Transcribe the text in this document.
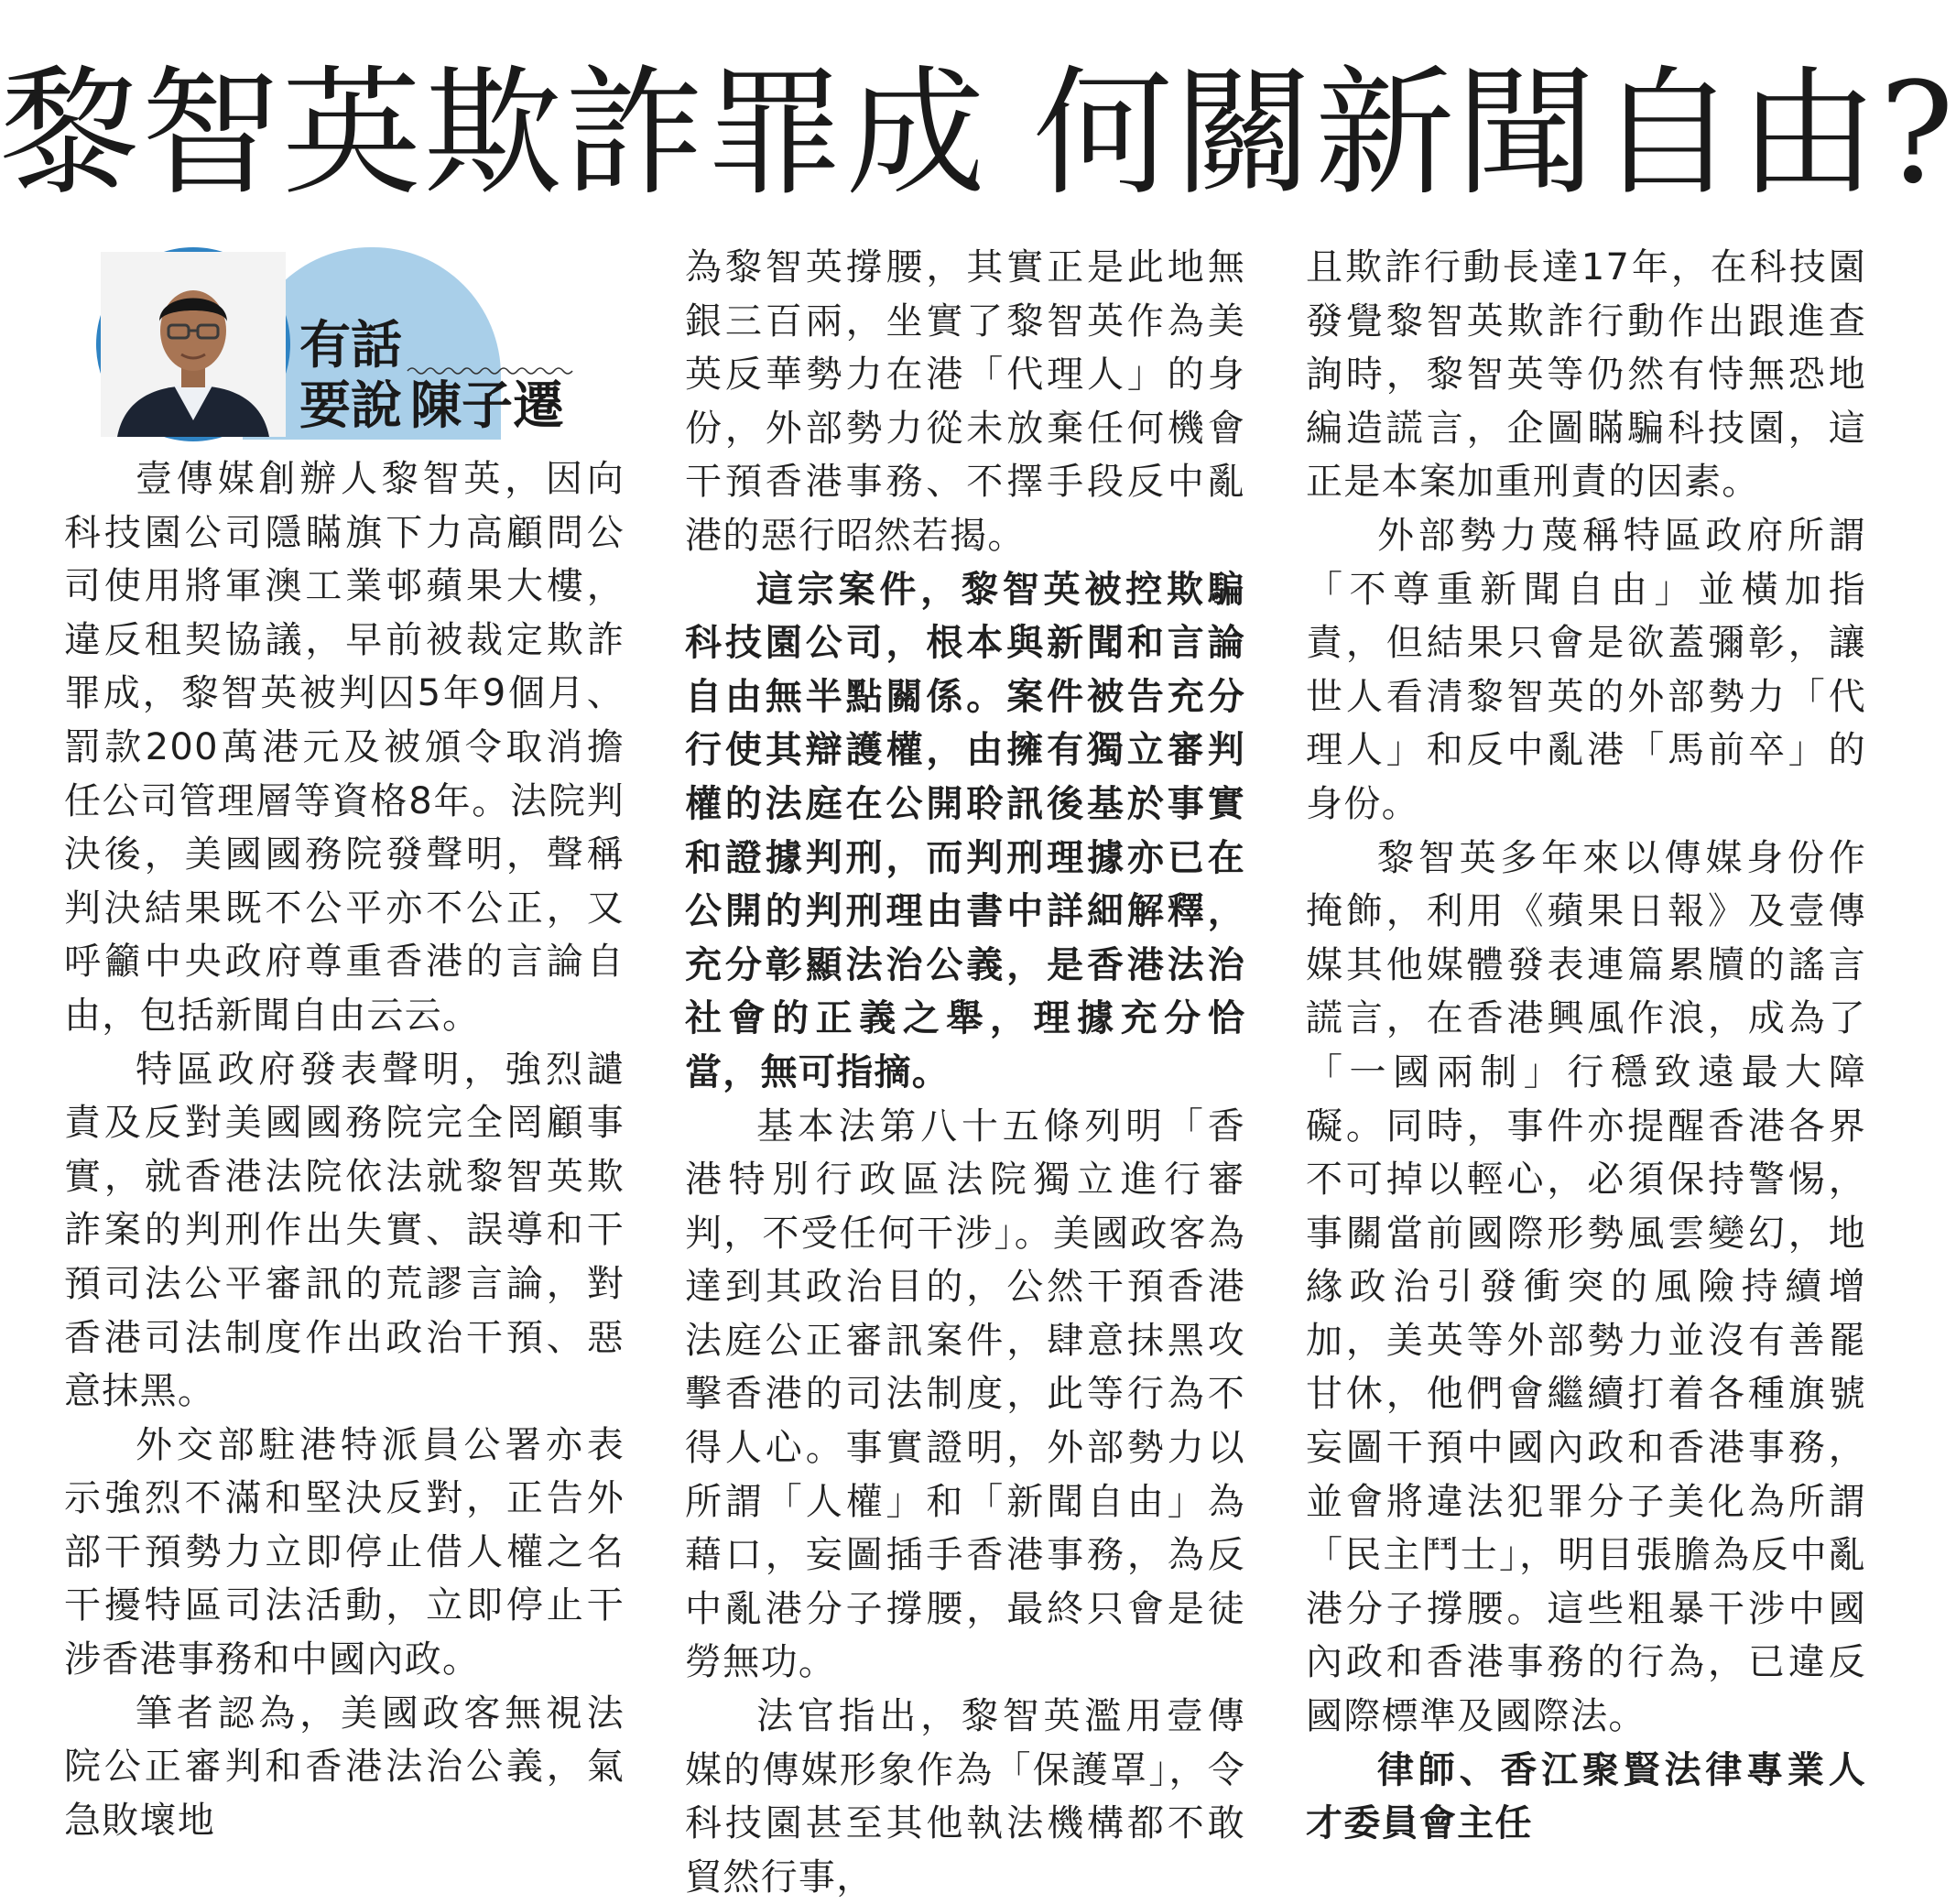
黎智英欺詐罪成 何關新聞自由?
有話
要說 陳子遷

壹傳媒創辦人黎智英，因向科技園公司隱瞞旗下力高顧問公司使用將軍澳工業邨蘋果大樓，違反租契協議，早前被裁定欺詐罪成，黎智英被判囚5年9個月、罰款200萬港元及被頒令取消擔任公司管理層等資格8年。法院判決後，美國國務院發聲明，聲稱判決結果既不公平亦不公正，又呼籲中央政府尊重香港的言論自由，包括新聞自由云云。

特區政府發表聲明，強烈譴責及反對美國國務院完全罔顧事實，就香港法院依法就黎智英欺詐案的判刑作出失實、誤導和干預司法公平審訊的荒謬言論，對香港司法制度作出政治干預、惡意抹黑。

外交部駐港特派員公署亦表示強烈不滿和堅決反對，正告外部干預勢力立即停止借人權之名干擾特區司法活動，立即停止干涉香港事務和中國內政。

筆者認為，美國政客無視法院公正審判和香港法治公義，氣急敗壞地

為黎智英撐腰，其實正是此地無銀三百兩，坐實了黎智英作為美英反華勢力在港「代理人」的身份，外部勢力從未放棄任何機會干預香港事務、不擇手段反中亂港的惡行昭然若揭。

這宗案件，黎智英被控欺騙科技園公司，根本與新聞和言論自由無半點關係。案件被告充分行使其辯護權，由擁有獨立審判權的法庭在公開聆訊後基於事實和證據判刑，而判刑理據亦已在公開的判刑理由書中詳細解釋，充分彰顯法治公義，是香港法治社會的正義之舉，理據充分恰當，無可指摘。

基本法第八十五條列明「香港特別行政區法院獨立進行審判，不受任何干涉」。美國政客為達到其政治目的，公然干預香港法庭公正審訊案件，肆意抹黑攻擊香港的司法制度，此等行為不得人心。事實證明，外部勢力以所謂「人權」和「新聞自由」為藉口，妄圖插手香港事務，為反中亂港分子撐腰，最終只會是徒勞無功。

法官指出，黎智英濫用壹傳媒的傳媒形象作為「保護罩」，令科技園甚至其他執法機構都不敢貿然行事，

且欺詐行動長達17年，在科技園發覺黎智英欺詐行動作出跟進查詢時，黎智英等仍然有恃無恐地編造謊言，企圖瞞騙科技園，這正是本案加重刑責的因素。

外部勢力蔑稱特區政府所謂「不尊重新聞自由」並橫加指責，但結果只會是欲蓋彌彰，讓世人看清黎智英的外部勢力「代理人」和反中亂港「馬前卒」的身份。

黎智英多年來以傳媒身份作掩飾，利用《蘋果日報》及壹傳媒其他媒體發表連篇累牘的謠言謊言，在香港興風作浪，成為了「一國兩制」行穩致遠最大障礙。同時，事件亦提醒香港各界不可掉以輕心，必須保持警惕，事關當前國際形勢風雲變幻，地緣政治引發衝突的風險持續增加，美英等外部勢力並沒有善罷甘休，他們會繼續打着各種旗號妄圖干預中國內政和香港事務，並會將違法犯罪分子美化為所謂「民主鬥士」，明目張膽為反中亂港分子撐腰。這些粗暴干涉中國內政和香港事務的行為，已違反國際標準及國際法。

律師、香江聚賢法律專業人才委員會主任
